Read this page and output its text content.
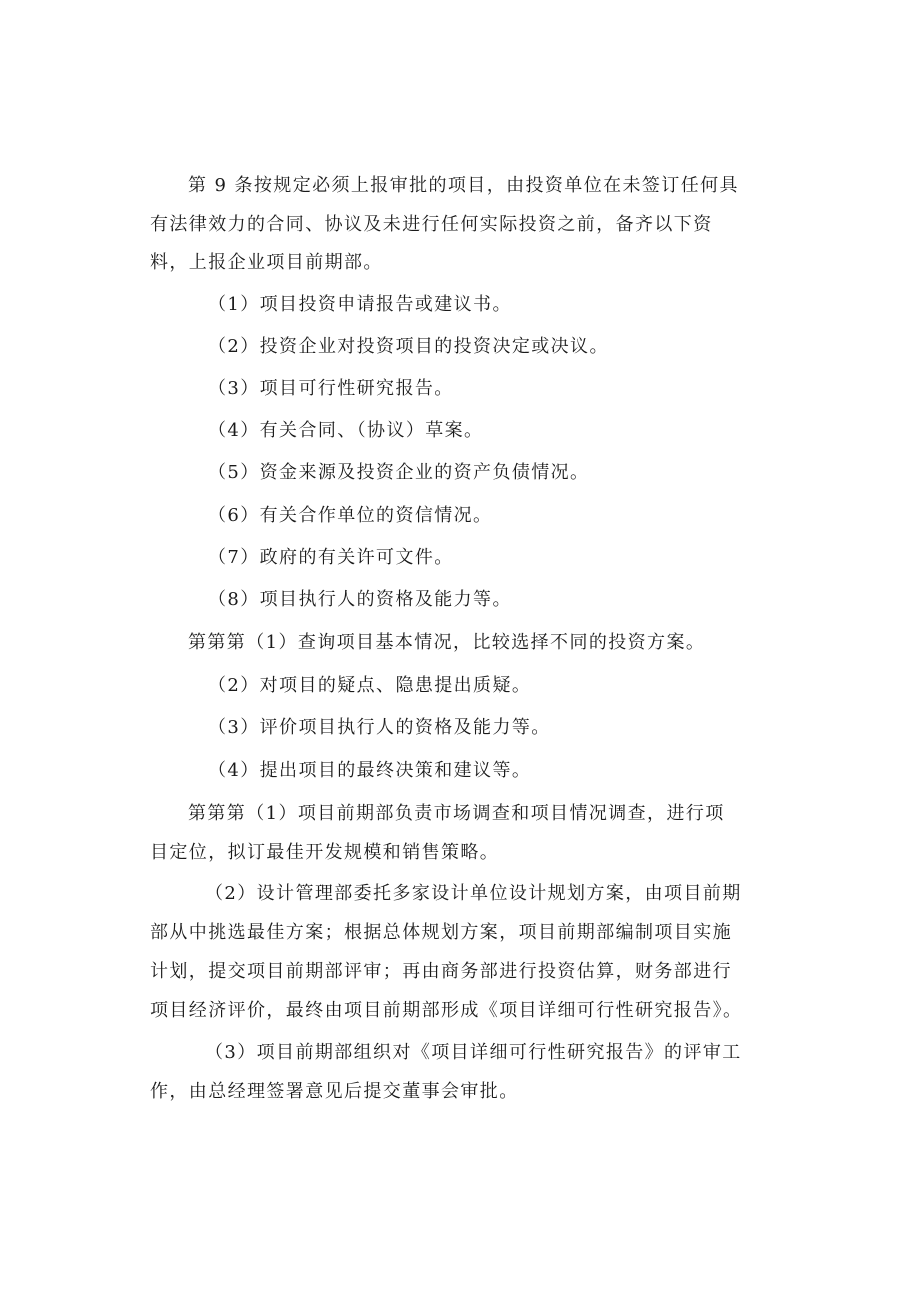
第 9 条按规定必须上报审批的项目，由投资单位在未签订任何具
有法律效力的合同、协议及未进行任何实际投资之前，备齐以下资
料，上报企业项目前期部。
（1）项目投资申请报告或建议书。
（2）投资企业对投资项目的投资决定或决议。
（3）项目可行性研究报告。
（4）有关合同、（协议）草案。
（5）资金来源及投资企业的资产负债情况。
（6）有关合作单位的资信情况。
（7）政府的有关许可文件。
（8）项目执行人的资格及能力等。
第第第（1）查询项目基本情况，比较选择不同的投资方案。
（2）对项目的疑点、隐患提出质疑。
（3）评价项目执行人的资格及能力等。
（4）提出项目的最终决策和建议等。
第第第（1）项目前期部负责市场调查和项目情况调查，进行项
目定位，拟订最佳开发规模和销售策略。
（2）设计管理部委托多家设计单位设计规划方案，由项目前期
部从中挑选最佳方案；根据总体规划方案，项目前期部编制项目实施
计划，提交项目前期部评审；再由商务部进行投资估算，财务部进行
项目经济评价，最终由项目前期部形成《项目详细可行性研究报告》。
（3）项目前期部组织对《项目详细可行性研究报告》的评审工
作，由总经理签署意见后提交董事会审批。
